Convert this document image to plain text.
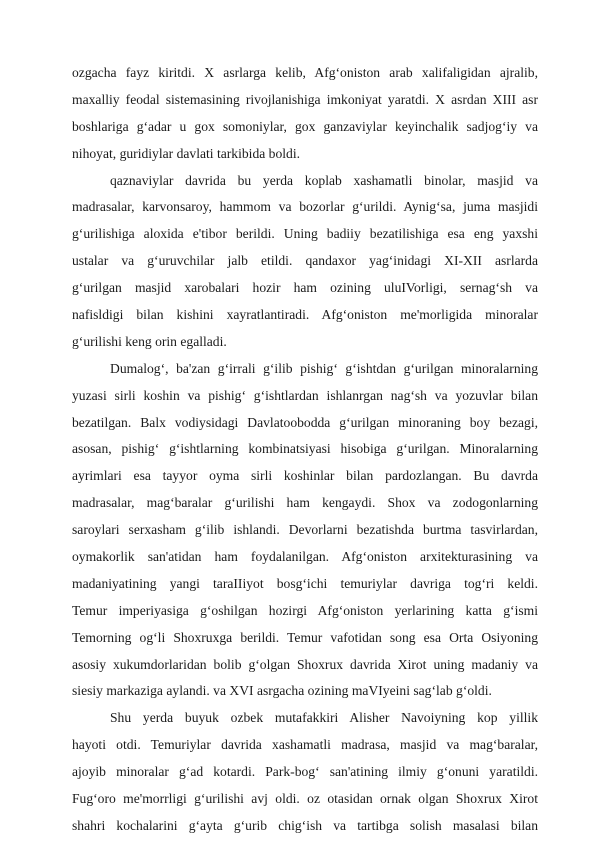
ozgacha fayz kiritdi. X asrlarga kelib, Afg‘oniston arab xalifaligidan ajralib,
maxalliy feodal sistemasining rivojlanishiga imkoniyat yaratdi. X asrdan XIII asr
boshlariga g‘adar u gox somoniylar, gox ganzaviylar keyinchalik sadjog‘iy va
nihoyat, guridiylar davlati tarkibida boldi.
qaznaviylar davrida bu yerda koplab xashamatli binolar, masjid va
madrasalar, karvonsaroy, hammom va bozorlar g‘urildi. Aynig‘sa, juma masjidi
g‘urilishiga aloxida e'tibor berildi. Uning badiiy bezatilishiga esa eng yaxshi
ustalar va g‘uruvchilar jalb etildi. qandaxor yag‘inidagi XI-XII asrlarda
g‘urilgan masjid xarobalari hozir ham ozining uluIVorligi, sernag‘sh va
nafisldigi bilan kishini xayratlantiradi. Afg‘oniston me'morligida minoralar
g‘urilishi keng orin egalladi.
Dumalog‘, ba'zan g‘irrali g‘ilib pishig‘ g‘ishtdan g‘urilgan minoralarning
yuzasi sirli koshin va pishig‘ g‘ishtlardan ishlanrgan nag‘sh va yozuvlar bilan
bezatilgan. Balx vodiysidagi Davlatoobodda g‘urilgan minoraning boy bezagi,
asosan, pishig‘ g‘ishtlarning kombinatsiyasi hisobiga g‘urilgan. Minoralarning
ayrimlari esa tayyor oyma sirli koshinlar bilan pardozlangan. Bu davrda
madrasalar, mag‘baralar g‘urilishi ham kengaydi. Shox va zodogonlarning
saroylari serxasham g‘ilib ishlandi. Devorlarni bezatishda burtma tasvirlardan,
oymakorlik san'atidan ham foydalanilgan. Afg‘oniston arxitekturasining va
madaniyatining yangi taraIIiyot bosg‘ichi temuriylar davriga tog‘ri keldi.
Temur imperiyasiga g‘oshilgan hozirgi Afg‘oniston yerlarining katta g‘ismi
Temorning og‘li Shoxruxga berildi. Temur vafotidan song esa Orta Osiyoning
asosiy xukumdorlaridan bolib g‘olgan Shoxrux davrida Xirot uning madaniy va
siesiy markaziga aylandi. va XVI asrgacha ozining maVIyeini sag‘lab g‘oldi.
Shu yerda buyuk ozbek mutafakkiri Alisher Navoiyning kop yillik
hayoti otdi. Temuriylar davrida xashamatli madrasa, masjid va mag‘baralar,
ajoyib minoralar g‘ad kotardi. Park-bog‘ san'atining ilmiy g‘onuni yaratildi.
Fug‘oro me'morrligi g‘urilishi avj oldi. oz otasidan ornak olgan Shoxrux Xirot
shahri kochalarini g‘ayta g‘urib chig‘ish va tartibga solish masalasi bilan
